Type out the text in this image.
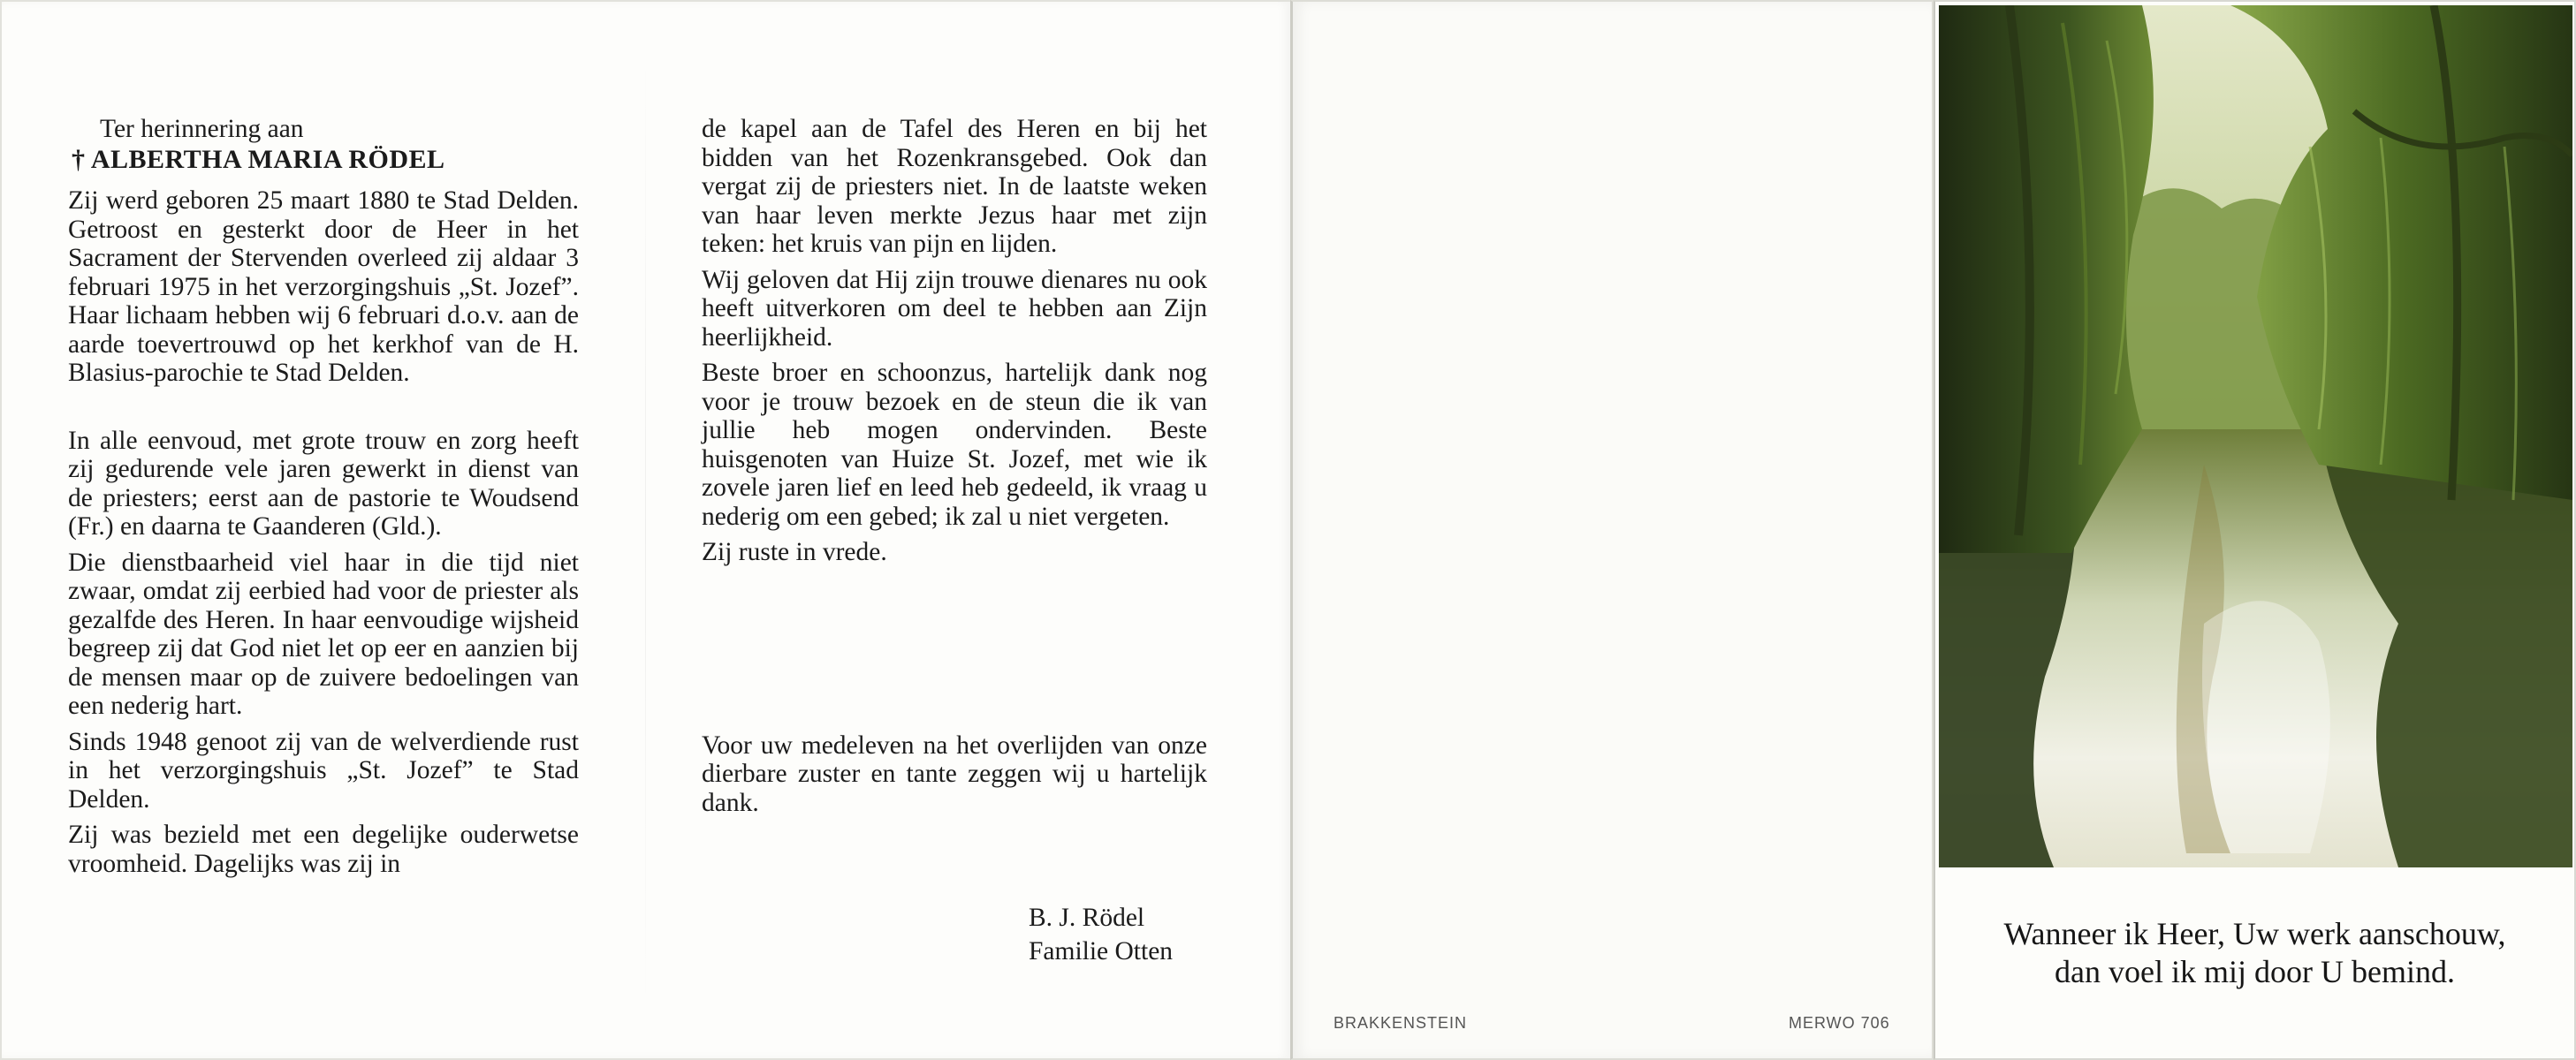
Ter herinnering aan

† ALBERTHA MARIA RÖDEL

Zij werd geboren 25 maart 1880 te Stad Delden. Getroost en gesterkt door de Heer in het Sacrament der Stervenden overleed zij aldaar 3 februari 1975 in het verzorgingshuis „St. Jozef”. Haar lichaam hebben wij 6 februari d.o.v. aan de aarde toevertrouwd op het kerkhof van de H. Blasius-parochie te Stad Delden.

In alle eenvoud, met grote trouw en zorg heeft zij gedurende vele jaren gewerkt in dienst van de priesters; eerst aan de pastorie te Woudsend (Fr.) en daarna te Gaanderen (Gld.).

Die dienstbaarheid viel haar in die tijd niet zwaar, omdat zij eerbied had voor de priester als gezalfde des Heren. In haar eenvoudige wijsheid begreep zij dat God niet let op eer en aanzien bij de mensen maar op de zuivere bedoelingen van een nederig hart.

Sinds 1948 genoot zij van de welverdiende rust in het verzorgingshuis „St. Jozef” te Stad Delden.

Zij was bezield met een degelijke ouderwetse vroomheid. Dagelijks was zij in

de kapel aan de Tafel des Heren en bij het bidden van het Rozenkransgebed. Ook dan vergat zij de priesters niet. In de laatste weken van haar leven merkte Jezus haar met zijn teken: het kruis van pijn en lijden.

Wij geloven dat Hij zijn trouwe dienares nu ook heeft uitverkoren om deel te hebben aan Zijn heerlijkheid.

Beste broer en schoonzus, hartelijk dank nog voor je trouw bezoek en de steun die ik van jullie heb mogen ondervinden. Beste huisgenoten van Huize St. Jozef, met wie ik zovele jaren lief en leed heb gedeeld, ik vraag u nederig om een gebed; ik zal u niet vergeten.

Zij ruste in vrede.

Voor uw medeleven na het overlijden van onze dierbare zuster en tante zeggen wij u hartelijk dank.

B. J. Rödel
Familie Otten
BRAKKENSTEIN	MERWO 706
Wanneer ik Heer, Uw werk aanschouw,
dan voel ik mij door U bemind.
